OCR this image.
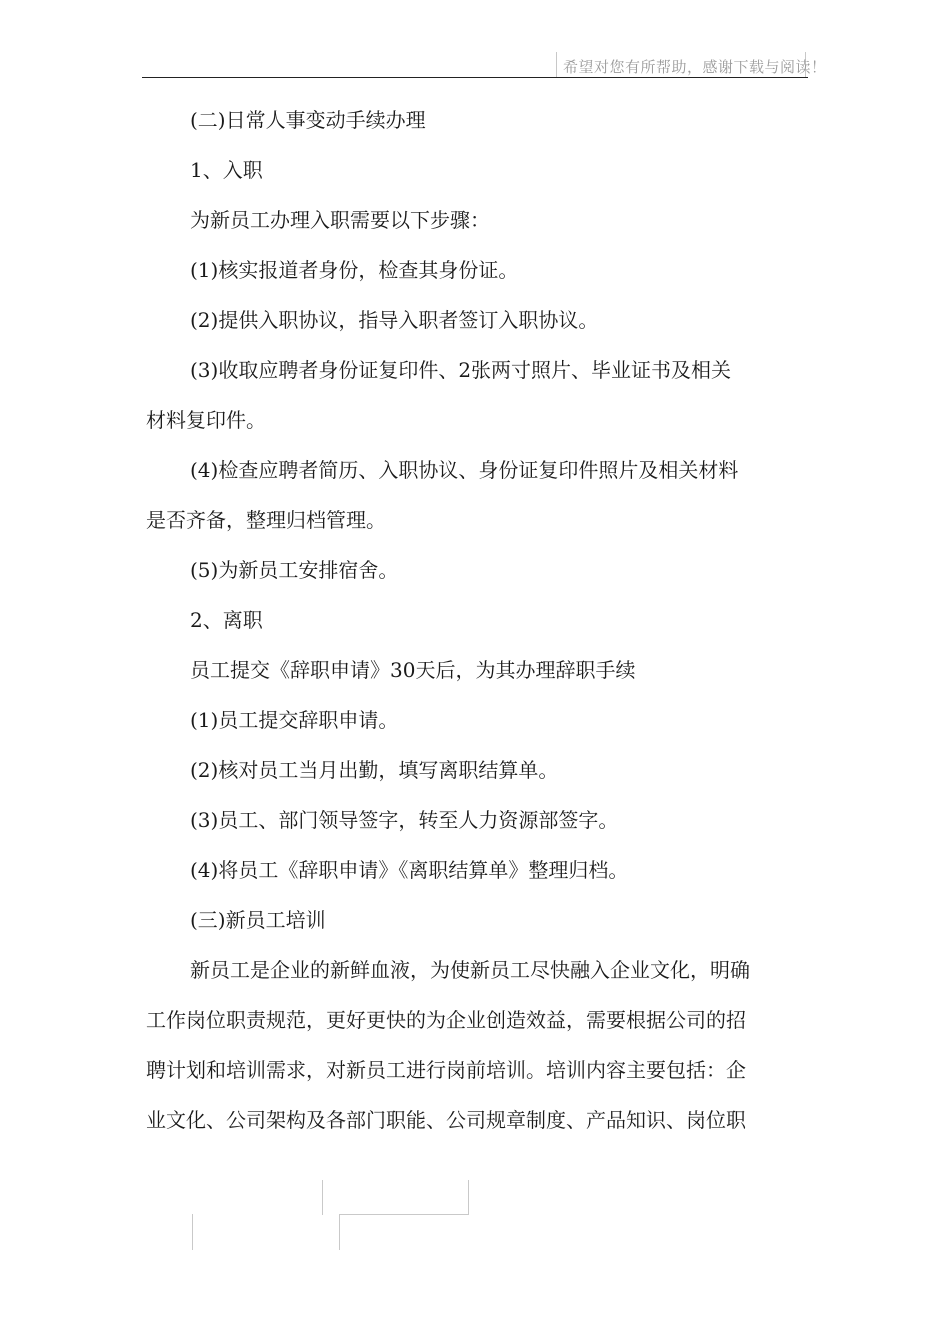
希望对您有所帮助，感谢下载与阅读！

(二)日常人事变动手续办理

1、入职

为新员工办理入职需要以下步骤：

(1)核实报道者身份，检查其身份证。

(2)提供入职协议，指导入职者签订入职协议。

(3)收取应聘者身份证复印件、2张两寸照片、毕业证书及相关

材料复印件。

(4)检查应聘者简历、入职协议、身份证复印件照片及相关材料

是否齐备，整理归档管理。

(5)为新员工安排宿舍。

2、离职

员工提交《辞职申请》30天后，为其办理辞职手续

(1)员工提交辞职申请。

(2)核对员工当月出勤，填写离职结算单。

(3)员工、部门领导签字，转至人力资源部签字。

(4)将员工《辞职申请》《离职结算单》整理归档。

(三)新员工培训

新员工是企业的新鲜血液，为使新员工尽快融入企业文化，明确

工作岗位职责规范，更好更快的为企业创造效益，需要根据公司的招

聘计划和培训需求，对新员工进行岗前培训。培训内容主要包括：企

业文化、公司架构及各部门职能、公司规章制度、产品知识、岗位职
